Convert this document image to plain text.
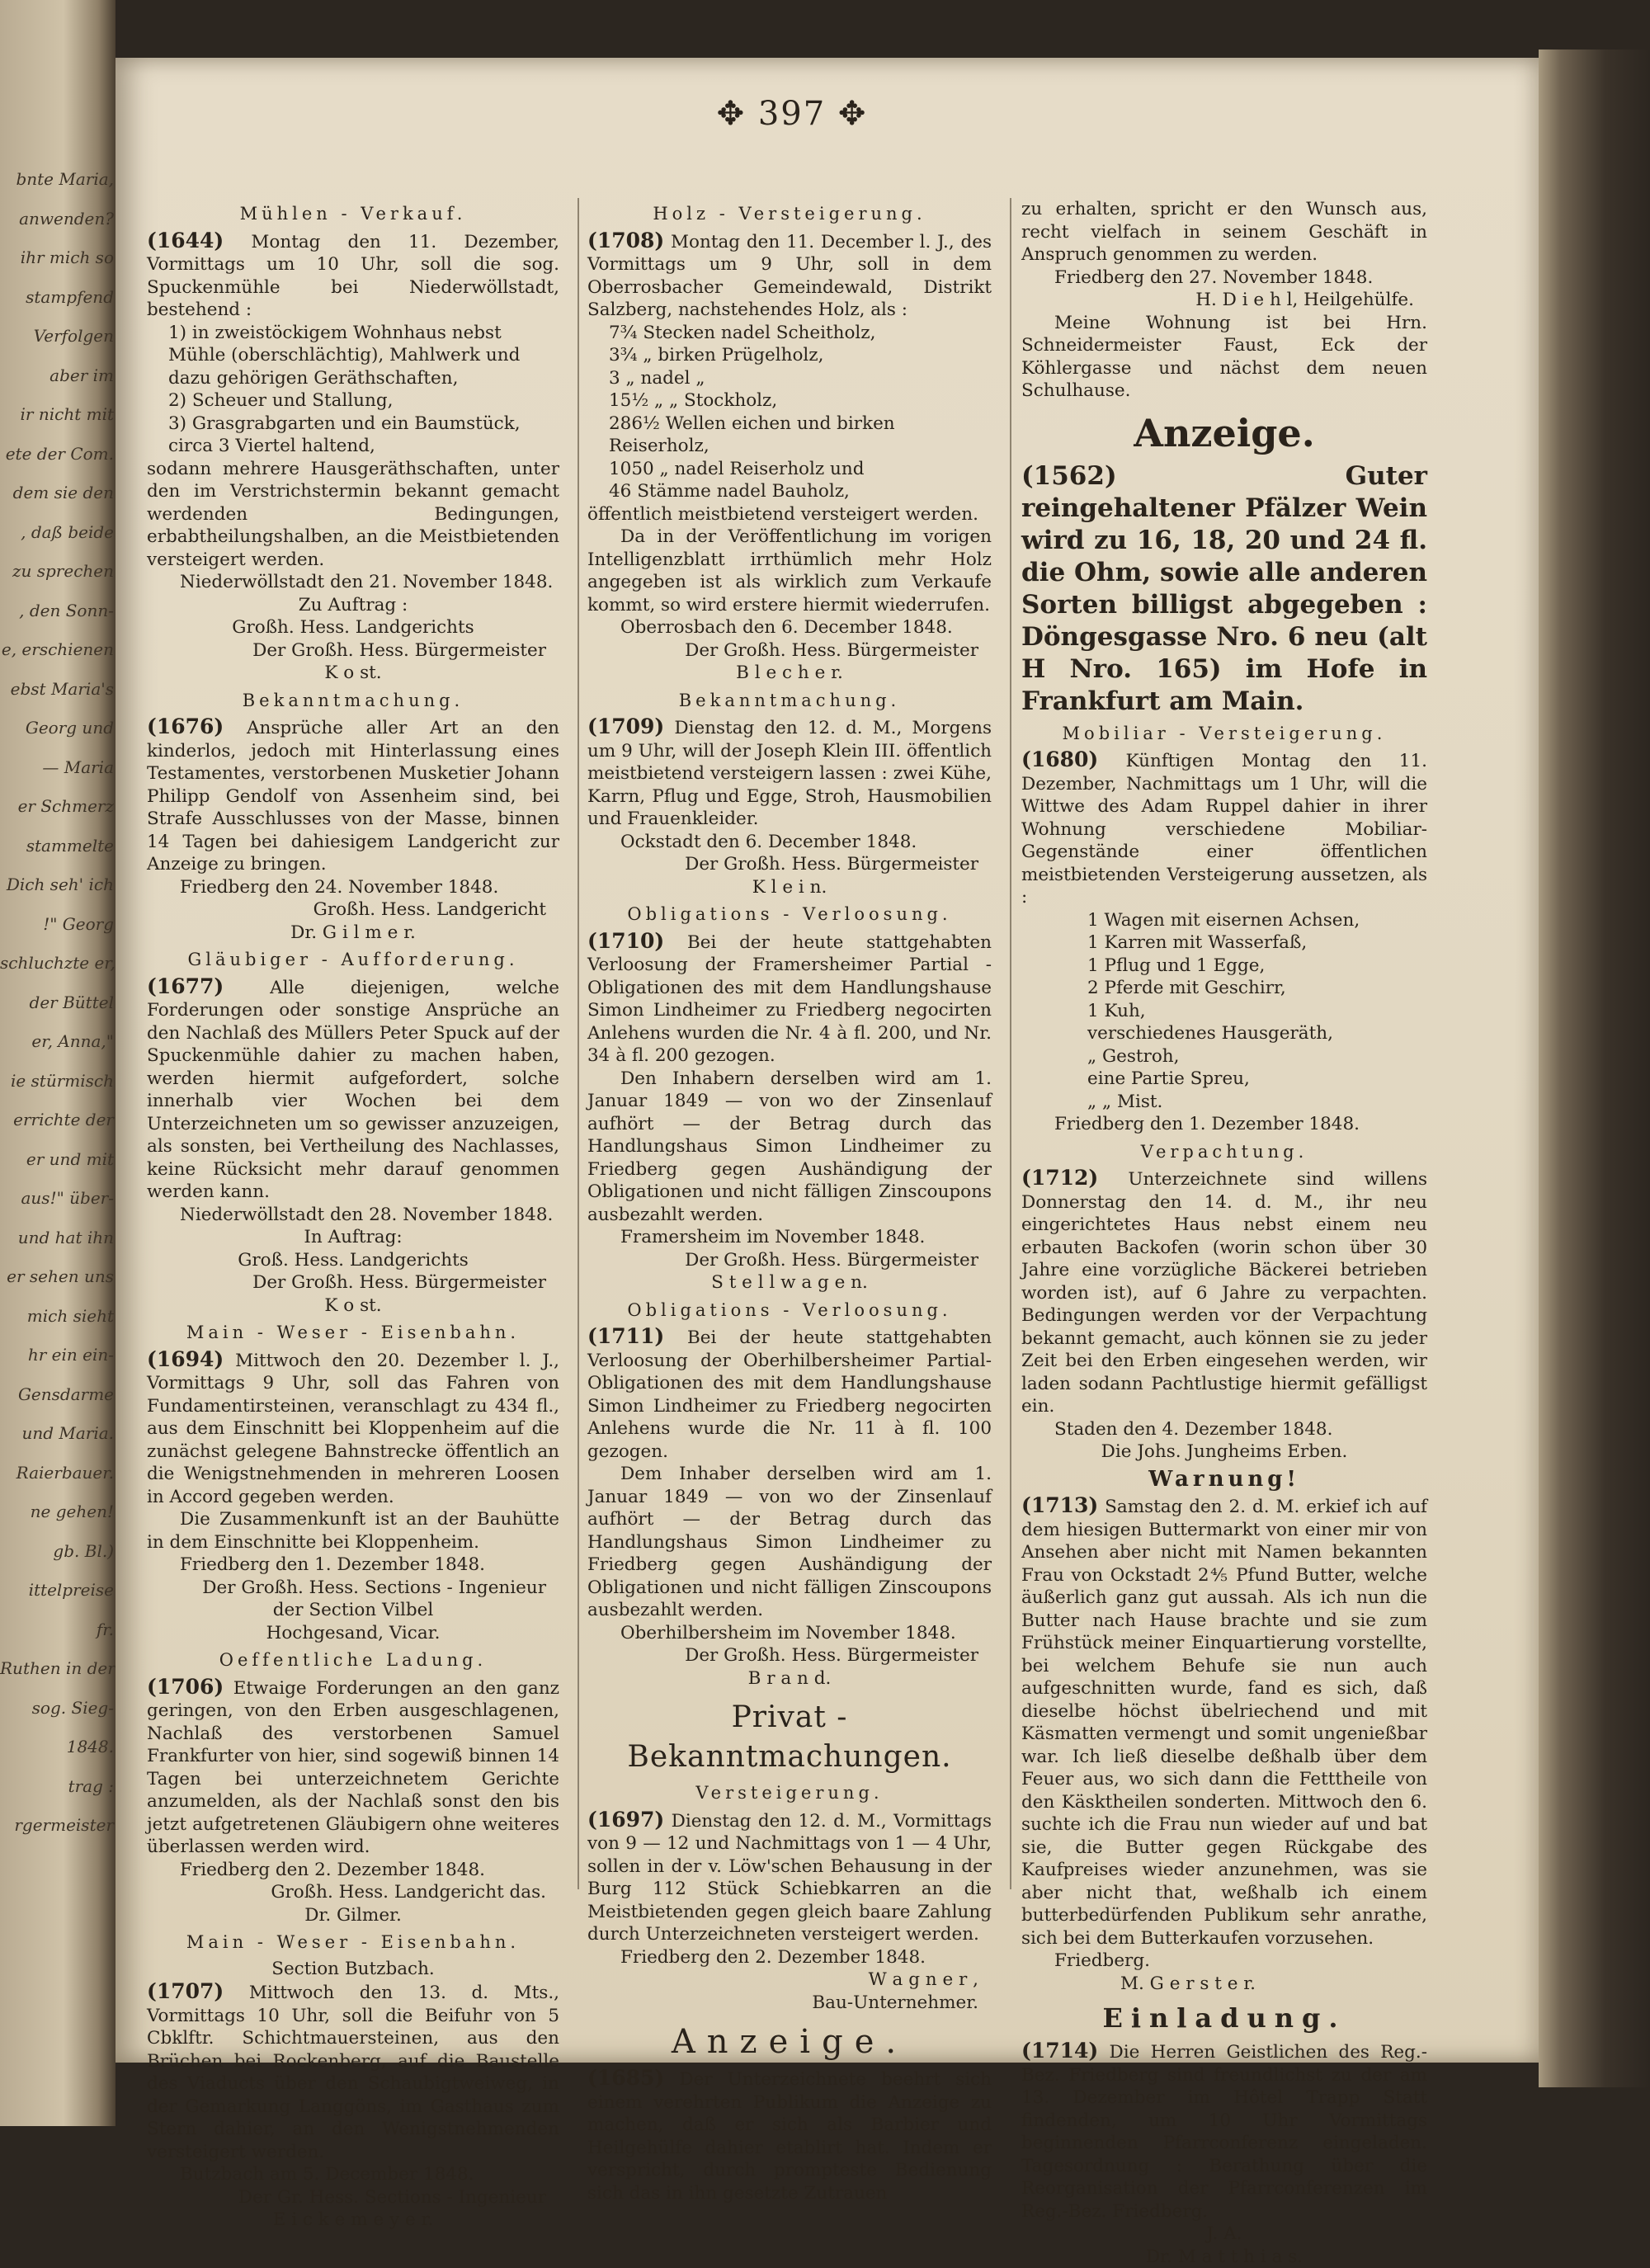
bnte Maria,
anwenden?
ihr mich so
stampfend
Verfolgen
aber im
ir nicht mit
ete der Com.
dem sie den
, daß beide
zu sprechen
, den Sonn-
e, erschienen
ebst Maria's
Georg und
— Maria
er Schmerz
stammelte
Dich seh' ich
!" Georg
schluchzte er,
der Büttel
er, Anna,"
ie stürmisch
errichte der
er und mit
aus!" über-
und hat ihn
er sehen uns
mich sieht
hr ein ein-
Gensdarme
und Maria.
Raierbauer.
ne gehen!
gb. Bl.)
ittelpreise
fr.
Ruthen in der
sog. Sieg-
1848.
trag :
rgermeister
✥ 397 ✥
Mühlen - Verkauf.
(1644) Montag den 11. Dezember, Vormittags um 10 Uhr, soll die sog. Spuckenmühle bei Niederwöllstadt, bestehend :
1) in zweistöckigem Wohnhaus nebst Mühle (oberschlächtig), Mahlwerk und dazu gehörigen Geräthschaften,
2) Scheuer und Stallung,
3) Grasgrabgarten und ein Baumstück, circa 3 Viertel haltend,
sodann mehrere Hausgeräthschaften, unter den im Verstrichstermin bekannt gemacht werdenden Bedingungen, erbabtheilungshalben, an die Meistbietenden versteigert werden.
Niederwöllstadt den 21. November 1848.
Zu Auftrag :
Großh. Hess. Landgerichts
Der Großh. Hess. Bürgermeister
K o st.
Bekanntmachung.
(1676) Ansprüche aller Art an den kinderlos, jedoch mit Hinterlassung eines Testamentes, verstorbenen Musketier Johann Philipp Gendolf von Assenheim sind, bei Strafe Ausschlusses von der Masse, binnen 14 Tagen bei dahiesigem Landgericht zur Anzeige zu bringen.
Friedberg den 24. November 1848.
Großh. Hess. Landgericht
Dr. G i l m e r.
Gläubiger - Aufforderung.
(1677)	Alle diejenigen, welche Forderungen oder sonstige Ansprüche an den Nachlaß des Müllers Peter Spuck auf der Spuckenmühle dahier zu machen haben, werden hiermit aufgefordert, solche innerhalb vier Wochen bei dem Unterzeichneten um so gewisser anzuzeigen, als sonsten, bei Vertheilung des Nachlasses, keine Rücksicht mehr darauf genommen werden kann.
Niederwöllstadt den 28. November 1848.
In Auftrag:
Groß. Hess. Landgerichts
Der Großh. Hess. Bürgermeister
K o st.
Main - Weser - Eisenbahn.
(1694) Mittwoch den 20. Dezember l. J., Vormittags 9 Uhr, soll das Fahren von Fundamentirsteinen, veranschlagt zu 434 fl., aus dem Einschnitt bei Kloppenheim auf die zunächst gelegene Bahnstrecke öffentlich an die Wenigstnehmenden in mehreren Loosen in Accord gegeben werden.
Die Zusammenkunft ist an der Bauhütte in dem Einschnitte bei Kloppenheim.
Friedberg den 1. Dezember 1848.
Der Großh. Hess. Sections - Ingenieur
der Section Vilbel
Hochgesand, Vicar.
Oeffentliche Ladung.
(1706) Etwaige Forderungen an den ganz geringen, von den Erben ausgeschlagenen, Nachlaß des verstorbenen Samuel Frankfurter von hier, sind sogewiß binnen 14 Tagen bei unterzeichnetem Gerichte anzumelden, als der Nachlaß sonst den bis jetzt aufgetretenen Gläubigern ohne weiteres überlassen werden wird.
Friedberg den 2. Dezember 1848.
Großh. Hess. Landgericht das.
Dr. Gilmer.
Main - Weser - Eisenbahn.
Section Butzbach.
(1707) Mittwoch den 13. d. Mts., Vormittags 10 Uhr, soll die Beifuhr von 5 Cbklftr. Schichtmauersteinen, aus den Brüchen bei Rockenberg, auf die Baustelle des Viaducts über den Schaubigtweiweg, in der Gemarkung Langgöns, im Gasthaus zum Stern dahier, an den Wenigstnehmenden versteigert werden.
Butzbach am 5. December 1848.
Der Gr. Hess. Sections - Ingenieur
E i c k e m e y e r.
Holz - Versteigerung.
(1708) Montag den 11. December l. J., des Vormittags um 9 Uhr, soll in dem Oberrosbacher Gemeindewald, Distrikt Salzberg, nachstehendes Holz, als :
7¾ Stecken nadel Scheitholz,
3¾ „ birken Prügelholz,
3 „ nadel „
15½ „ „ Stockholz,
286½ Wellen eichen und birken Reiserholz,
1050 „ nadel Reiserholz und
46 Stämme nadel Bauholz,
öffentlich meistbietend versteigert werden.
Da in der Veröffentlichung im vorigen Intelligenzblatt irrthümlich mehr Holz angegeben ist als wirklich zum Verkaufe kommt, so wird erstere hiermit wiederrufen.
Oberrosbach den 6. December 1848.
Der Großh. Hess. Bürgermeister
B l e c h e r.
Bekanntmachung.
(1709) Dienstag den 12. d. M., Morgens um 9 Uhr, will der Joseph Klein III. öffentlich meistbietend versteigern lassen : zwei Kühe, Karrn, Pflug und Egge, Stroh, Hausmobilien und Frauenkleider.
Ockstadt den 6. December 1848.
Der Großh. Hess. Bürgermeister
K l e i n.
Obligations - Verloosung.
(1710) Bei der heute stattgehabten Verloosung der Framersheimer Partial - Obligationen des mit dem Handlungshause Simon Lindheimer zu Friedberg negocirten Anlehens wurden die Nr. 4 à fl. 200, und Nr. 34 à fl. 200 gezogen.
Den Inhabern derselben wird am 1. Januar 1849 — von wo der Zinsenlauf aufhört — der Betrag durch das Handlungshaus Simon Lindheimer zu Friedberg gegen Aushändigung der Obligationen und nicht fälligen Zinscoupons ausbezahlt werden.
Framersheim im November 1848.
Der Großh. Hess. Bürgermeister
S t e l l w a g e n.
Obligations - Verloosung.
(1711) Bei der heute stattgehabten Verloosung der Oberhilbersheimer Partial-Obligationen des mit dem Handlungshause Simon Lindheimer zu Friedberg negocirten Anlehens wurde die Nr. 11 à fl. 100 gezogen.
Dem Inhaber derselben wird am 1. Januar 1849 — von wo der Zinsenlauf aufhört — der Betrag durch das Handlungshaus Simon Lindheimer zu Friedberg gegen Aushändigung der Obligationen und nicht fälligen Zinscoupons ausbezahlt werden.
Oberhilbersheim im November 1848.
Der Großh. Hess. Bürgermeister
B r a n d.
Privat - Bekanntmachungen.
Versteigerung.
(1697) Dienstag den 12. d. M., Vormittags von 9 — 12 und Nachmittags von 1 — 4 Uhr, sollen in der v. Löw'schen Behausung in der Burg 112 Stück Schiebkarren an die Meistbietenden gegen gleich baare Zahlung durch Unterzeichneten versteigert werden.
Friedberg den 2. Dezember 1848.
W a g n e r ,
Bau-Unternehmer.
Anzeige.
(1685) Der Unterzeichnete beehrt sich einem verehrten Publikum die Anzeige zu machen, daß er sich als Barbier und Heilgehülfe dahier etablirt hat. Indem er verspricht, durch prompteste Bedienung sich das in ihn gesetzte Zutrauen
zu erhalten, spricht er den Wunsch aus, recht vielfach in seinem Geschäft in Anspruch genommen zu werden.
Friedberg den 27. November 1848.
H. D i e h l, Heilgehülfe.
Meine Wohnung ist bei Hrn. Schneidermeister Faust, Eck der Köhlergasse und nächst dem neuen Schulhause.
Anzeige.
(1562)	Guter reingehaltener Pfälzer Wein wird zu 16, 18, 20 und 24 fl. die Ohm, sowie alle anderen Sorten billigst abgegeben : Döngesgasse Nro. 6 neu (alt H Nro. 165) im Hofe in Frankfurt am Main.
Mobiliar - Versteigerung.
(1680) Künftigen Montag den 11. Dezember, Nachmittags um 1 Uhr, will die Wittwe des Adam Ruppel dahier in ihrer Wohnung verschiedene Mobiliar-Gegenstände einer öffentlichen meistbietenden Versteigerung aussetzen, als :
1 Wagen mit eisernen Achsen,
1 Karren mit Wasserfaß,
1 Pflug und 1 Egge,
2 Pferde mit Geschirr,
1 Kuh,
verschiedenes Hausgeräth,
„ Gestroh,
eine Partie Spreu,
„ „ Mist.
Friedberg den 1. Dezember 1848.
Verpachtung.
(1712) Unterzeichnete sind willens Donnerstag den 14. d. M., ihr neu eingerichtetes Haus nebst einem neu erbauten Backofen (worin schon über 30 Jahre eine vorzügliche Bäckerei betrieben worden ist), auf 6 Jahre zu verpachten. Bedingungen werden vor der Verpachtung bekannt gemacht, auch können sie zu jeder Zeit bei den Erben eingesehen werden, wir laden sodann Pachtlustige hiermit gefälligst ein.
Staden den 4. Dezember 1848.
Die Johs. Jungheims Erben.
Warnung!
(1713) Samstag den 2. d. M. erkief ich auf dem hiesigen Buttermarkt von einer mir von Ansehen aber nicht mit Namen bekannten Frau von Ockstadt 2⅘ Pfund Butter, welche äußerlich ganz gut aussah. Als ich nun die Butter nach Hause brachte und sie zum Frühstück meiner Einquartierung vorstellte, bei welchem Behufe sie nun auch aufgeschnitten wurde, fand es sich, daß dieselbe höchst übelriechend und mit Käsmatten vermengt und somit ungenießbar war. Ich ließ dieselbe deßhalb über dem Feuer aus, wo sich dann die Fetttheile von den Käsktheilen sonderten. Mittwoch den 6. suchte ich die Frau nun wieder auf und bat sie, die Butter gegen Rückgabe des Kaufpreises wieder anzunehmen, was sie aber nicht that, weßhalb ich einem butterbedürfenden Publikum sehr anrathe, sich bei dem Butterkaufen vorzusehen.
Friedberg.
M. G e r s t e r.
Einladung.
(1714) Die Herren Geistlichen des Reg.-Bez. Friedberg sind freundlichst zu der am 13. Dezember im Hôtel Trapp Statt findenden, um 10 Uhr Vormittags beginnenden Pfarrconferenz eingeladen. Tagesordnung : Berathung über die Reorganisation der Pfarrconferenzen im Reg.-Bez. Friedberg.
J. A.
Dr. M a t t h i a s.
